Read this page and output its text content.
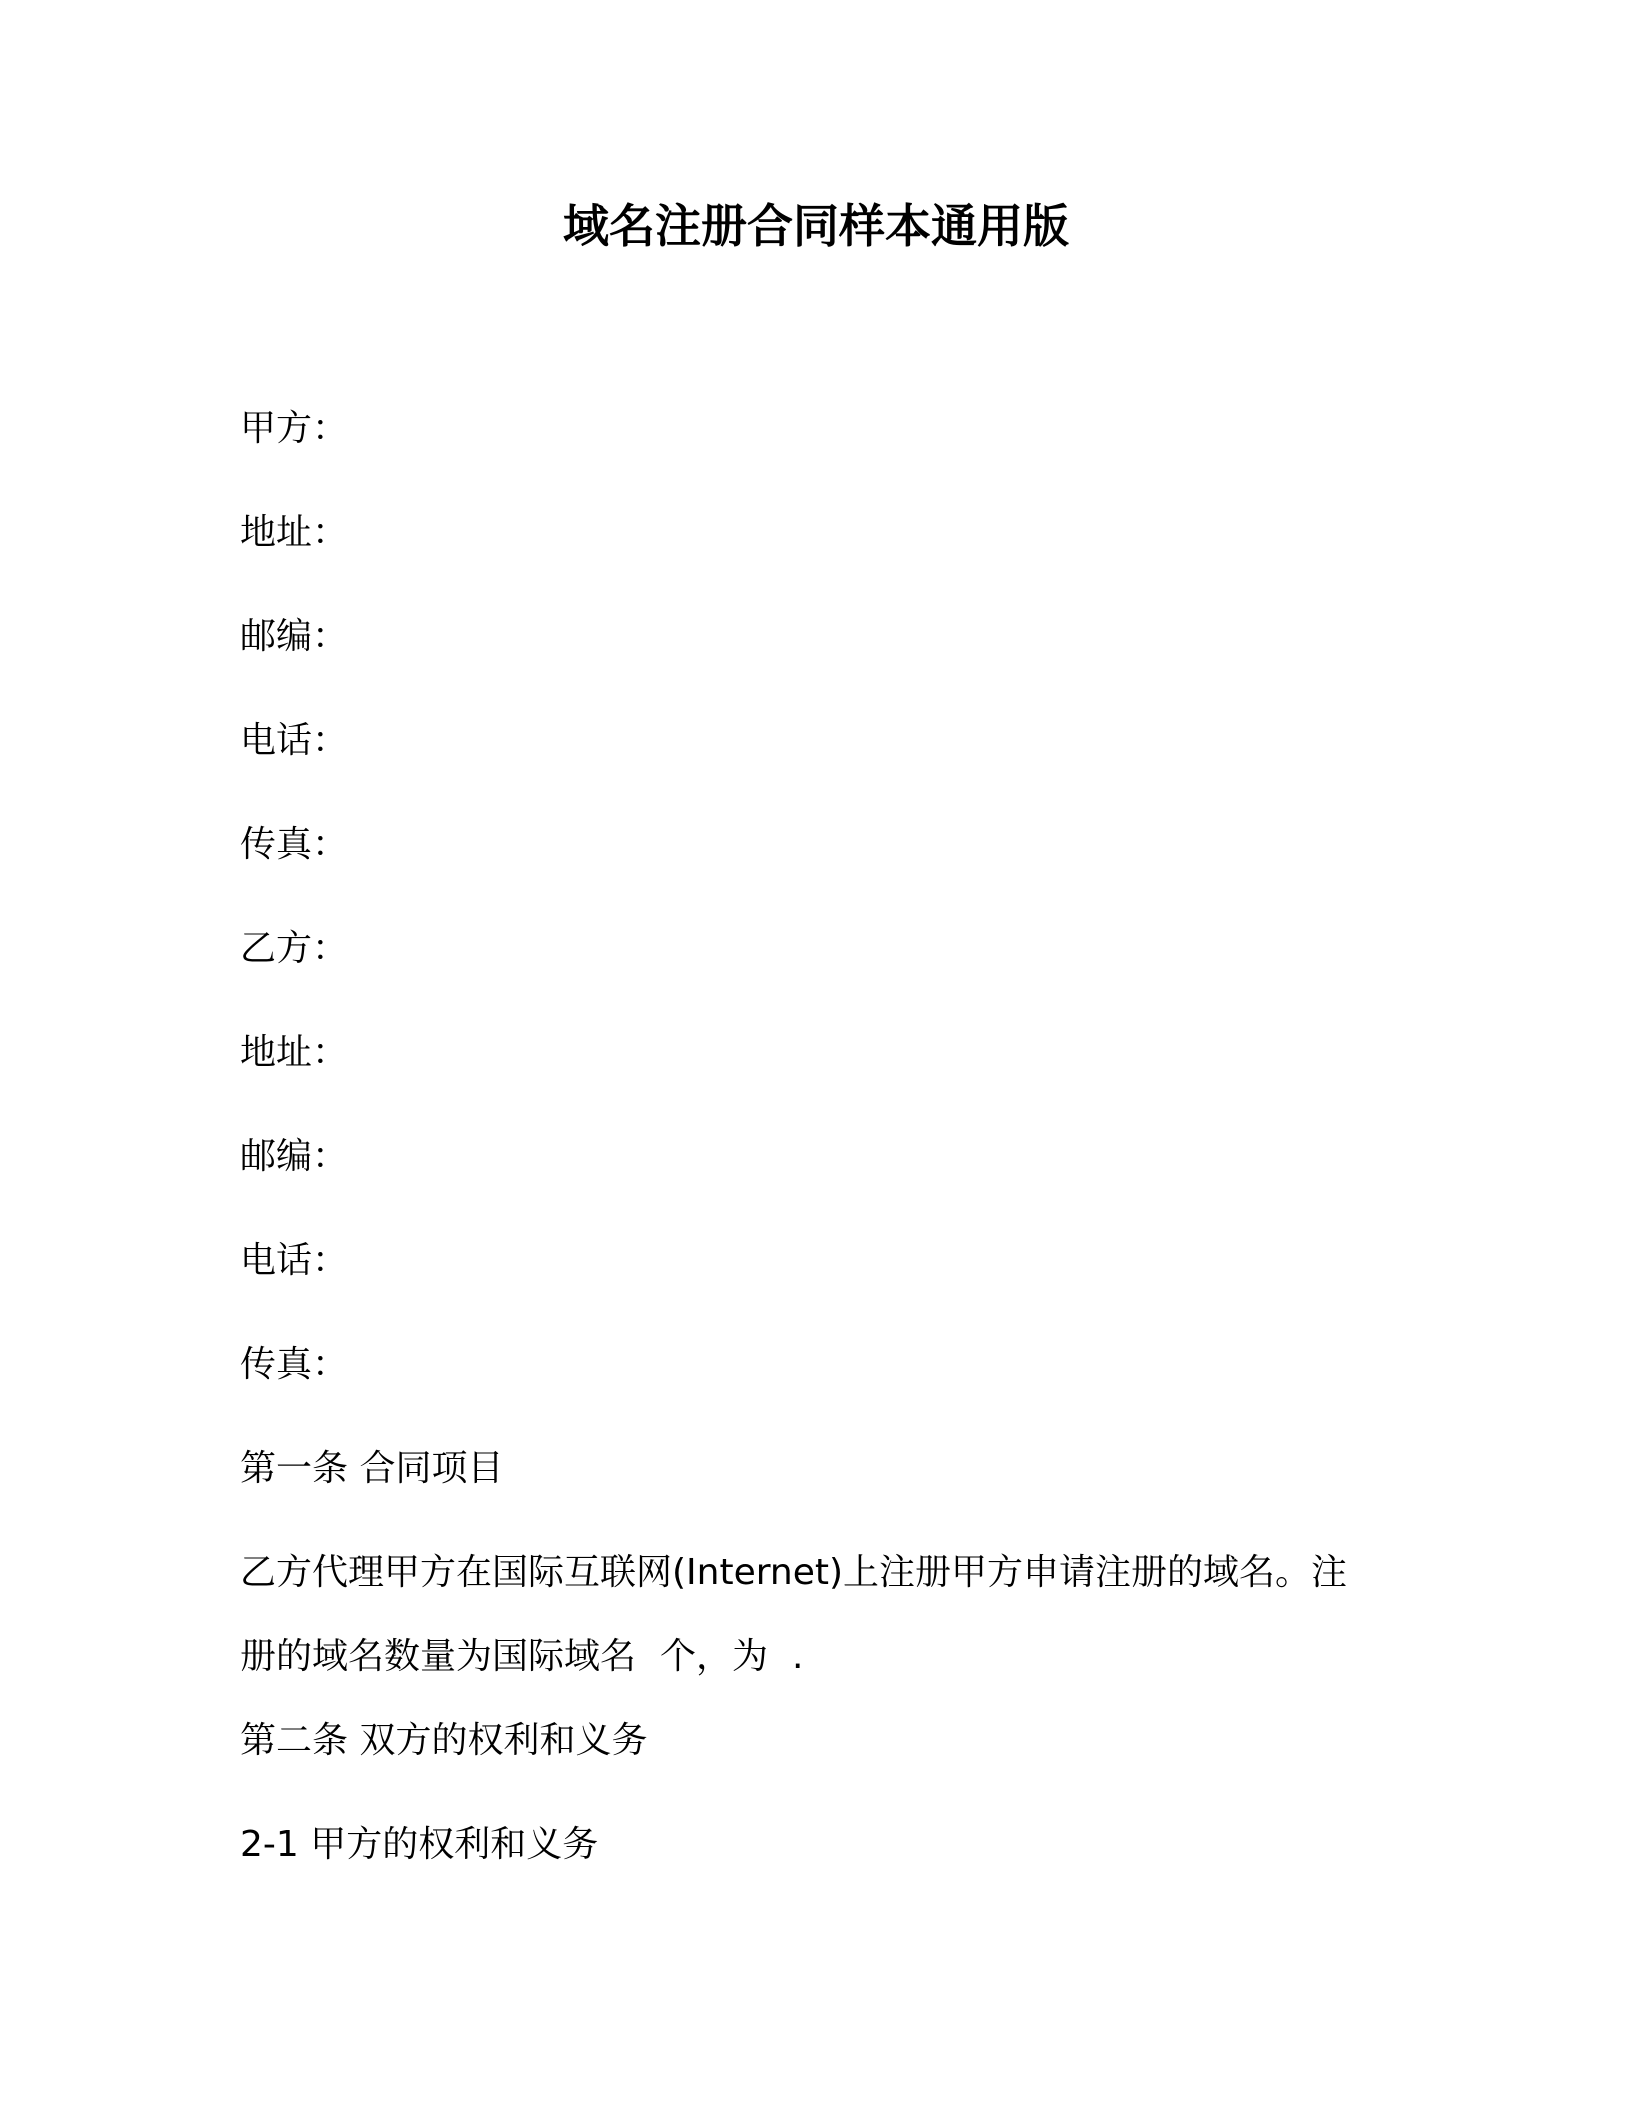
域名注册合同样本通用版
甲方：
地址：
邮编：
电话：
传真：
乙方：
地址：
邮编：
电话：
传真：
第一条 合同项目
乙方代理甲方在国际互联网(Internet)上注册甲方申请注册的域名。注
册的域名数量为国际域名 个，为 .
第二条 双方的权利和义务
2-1 甲方的权利和义务
